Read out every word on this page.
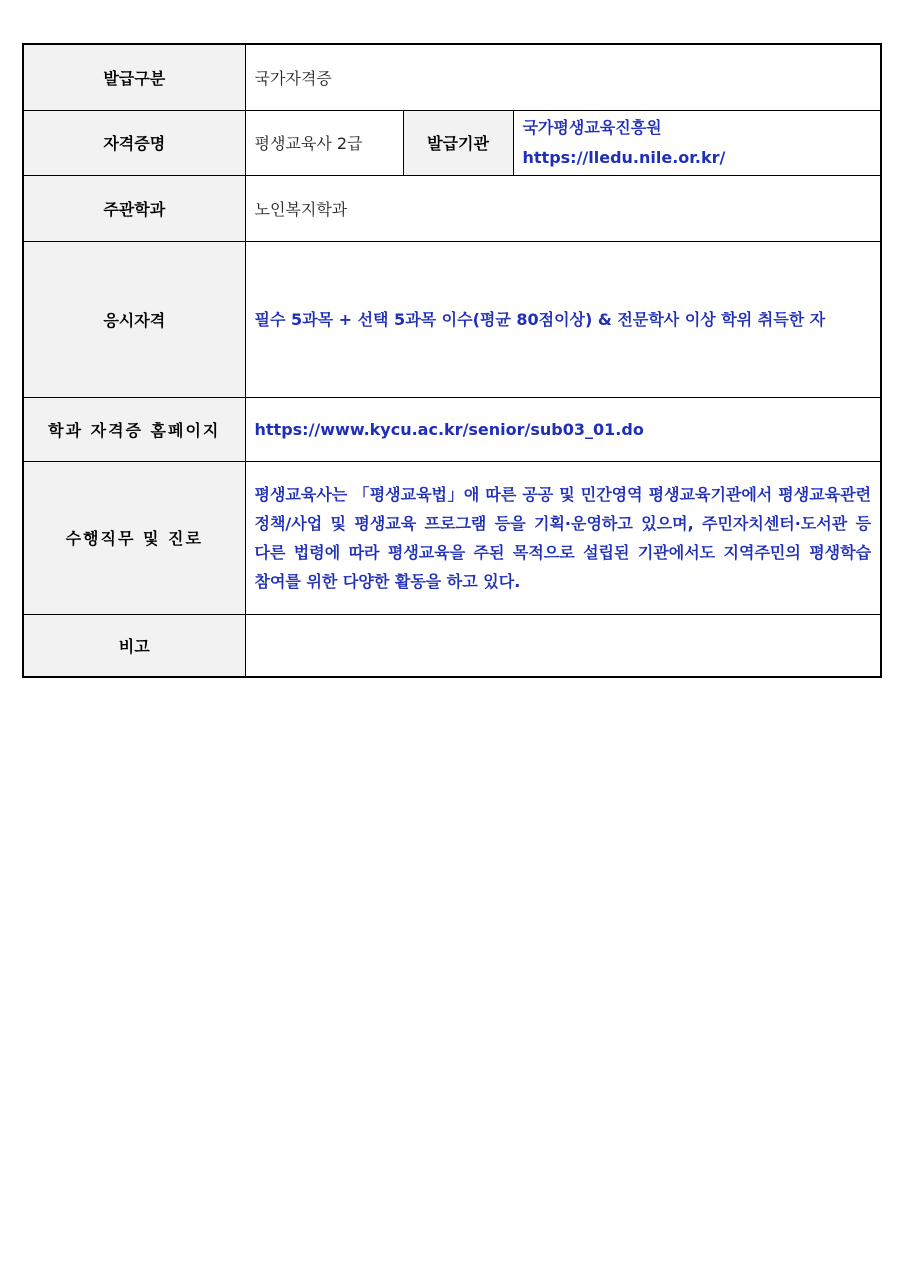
발급구분	국가자격증		
자격증명	평생교육사 2급	발급기관	국가평생교육진흥원
https://lledu.nile.or.kr/

주관학과	노인복지학과		
응시자격	필수 5과목 + 선택 5과목 이수(평균 80점이상) & 전문학사 이상 학위 취득한 자		
학과 자격증 홈페이지	https://www.kycu.ac.kr/senior/sub03_01.do		
수행직무 및 진로	평생교육사는 「평생교육법」애 따른 공공 및 민간영역 평생교육기관에서 평생교육관련 정책/사업 및 평생교육 프로그램 등을 기획·운영하고 있으며, 주민자치센터·도서관 등 다른 법령에 따라 평생교육을 주된 목적으로 설립된 기관에서도 지역주민의 평생학습 참여를 위한 다양한 활동을 하고 있다.		
비고			
